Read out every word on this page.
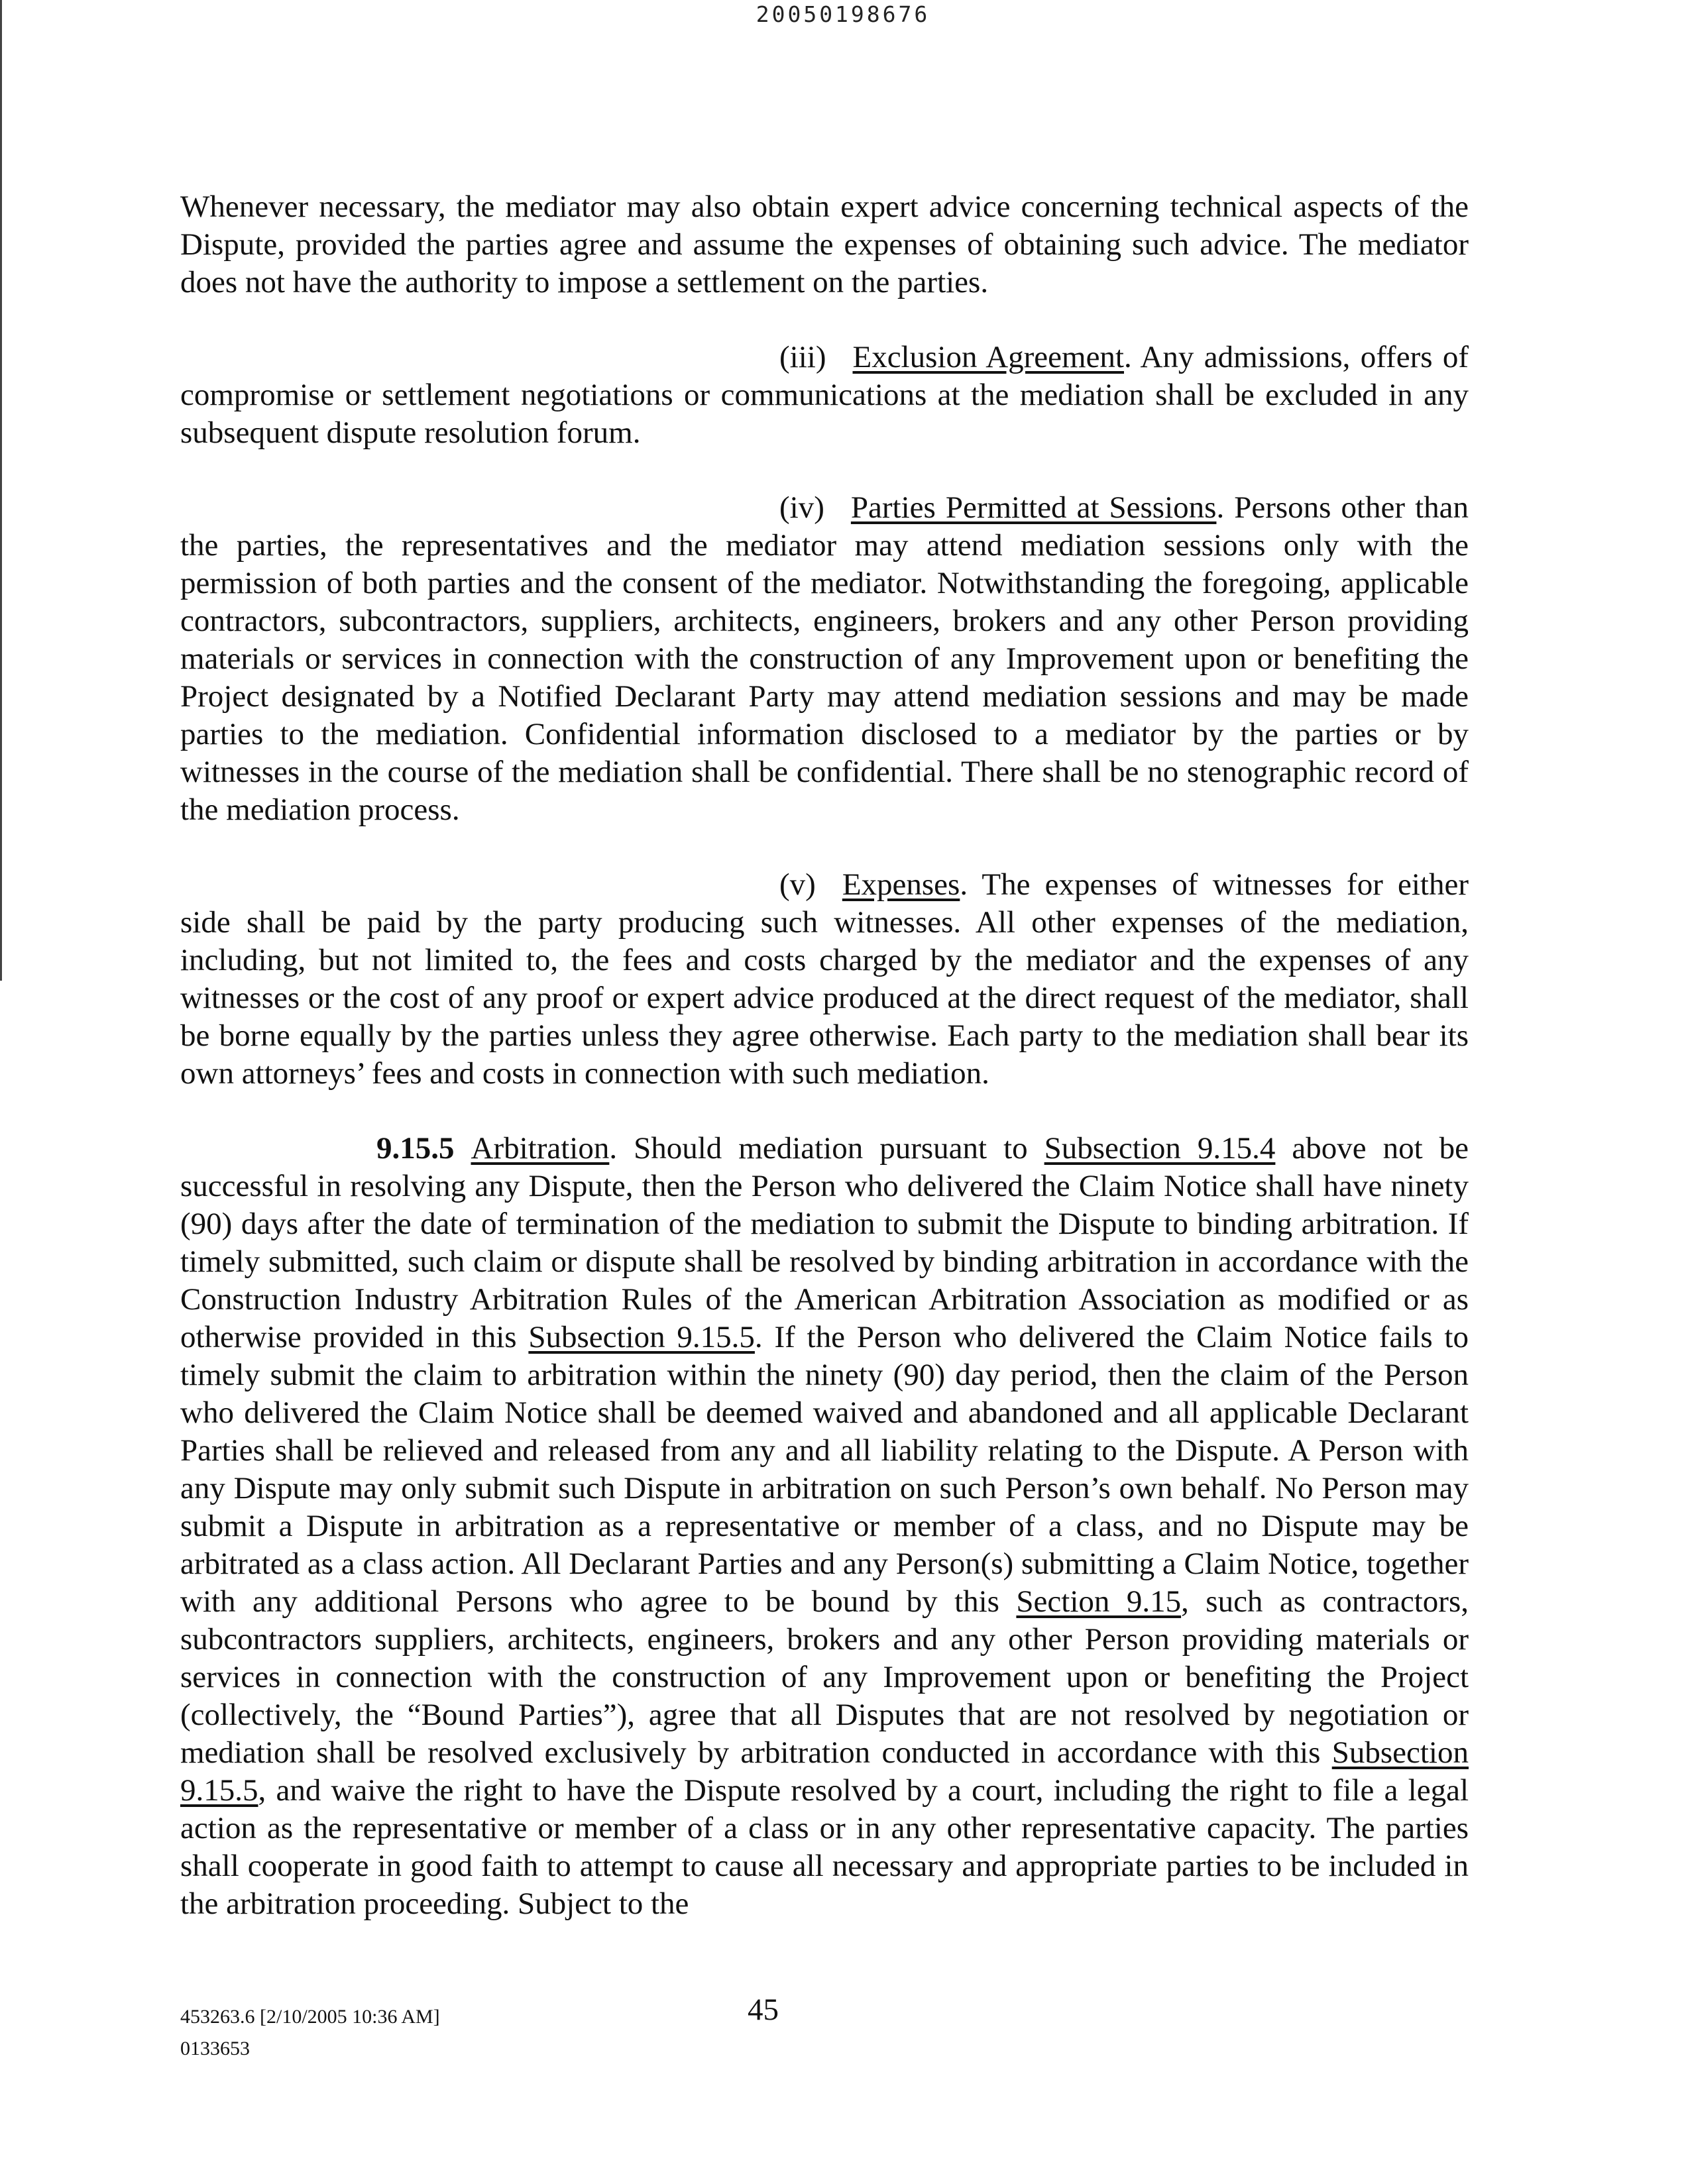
20050198676

Whenever necessary, the mediator may also obtain expert advice concerning technical aspects of the Dispute, provided the parties agree and assume the expenses of obtaining such advice. The mediator does not have the authority to impose a settlement on the parties.

(iii) Exclusion Agreement. Any admissions, offers of compromise or settlement negotiations or communications at the mediation shall be excluded in any subsequent dispute resolution forum.

(iv) Parties Permitted at Sessions. Persons other than the parties, the representatives and the mediator may attend mediation sessions only with the permission of both parties and the consent of the mediator. Notwithstanding the foregoing, applicable contractors, subcontractors, suppliers, architects, engineers, brokers and any other Person providing materials or services in connection with the construction of any Improvement upon or benefiting the Project designated by a Notified Declarant Party may attend mediation sessions and may be made parties to the mediation. Confidential information disclosed to a mediator by the parties or by witnesses in the course of the mediation shall be confidential. There shall be no stenographic record of the mediation process.

(v) Expenses. The expenses of witnesses for either side shall be paid by the party producing such witnesses. All other expenses of the mediation, including, but not limited to, the fees and costs charged by the mediator and the expenses of any witnesses or the cost of any proof or expert advice produced at the direct request of the mediator, shall be borne equally by the parties unless they agree otherwise. Each party to the mediation shall bear its own attorneys’ fees and costs in connection with such mediation.

9.15.5 Arbitration. Should mediation pursuant to Subsection 9.15.4 above not be successful in resolving any Dispute, then the Person who delivered the Claim Notice shall have ninety (90) days after the date of termination of the mediation to submit the Dispute to binding arbitration. If timely submitted, such claim or dispute shall be resolved by binding arbitration in accordance with the Construction Industry Arbitration Rules of the American Arbitration Association as modified or as otherwise provided in this Subsection 9.15.5. If the Person who delivered the Claim Notice fails to timely submit the claim to arbitration within the ninety (90) day period, then the claim of the Person who delivered the Claim Notice shall be deemed waived and abandoned and all applicable Declarant Parties shall be relieved and released from any and all liability relating to the Dispute. A Person with any Dispute may only submit such Dispute in arbitration on such Person’s own behalf. No Person may submit a Dispute in arbitration as a representative or member of a class, and no Dispute may be arbitrated as a class action. All Declarant Parties and any Person(s) submitting a Claim Notice, together with any additional Persons who agree to be bound by this Section 9.15, such as contractors, subcontractors suppliers, architects, engineers, brokers and any other Person providing materials or services in connection with the construction of any Improvement upon or benefiting the Project (collectively, the “Bound Parties”), agree that all Disputes that are not resolved by negotiation or mediation shall be resolved exclusively by arbitration conducted in accordance with this Subsection 9.15.5, and waive the right to have the Dispute resolved by a court, including the right to file a legal action as the representative or member of a class or in any other representative capacity. The parties shall cooperate in good faith to attempt to cause all necessary and appropriate parties to be included in the arbitration proceeding. Subject to the

453263.6 [2/10/2005 10:36 AM]
0133653
45
